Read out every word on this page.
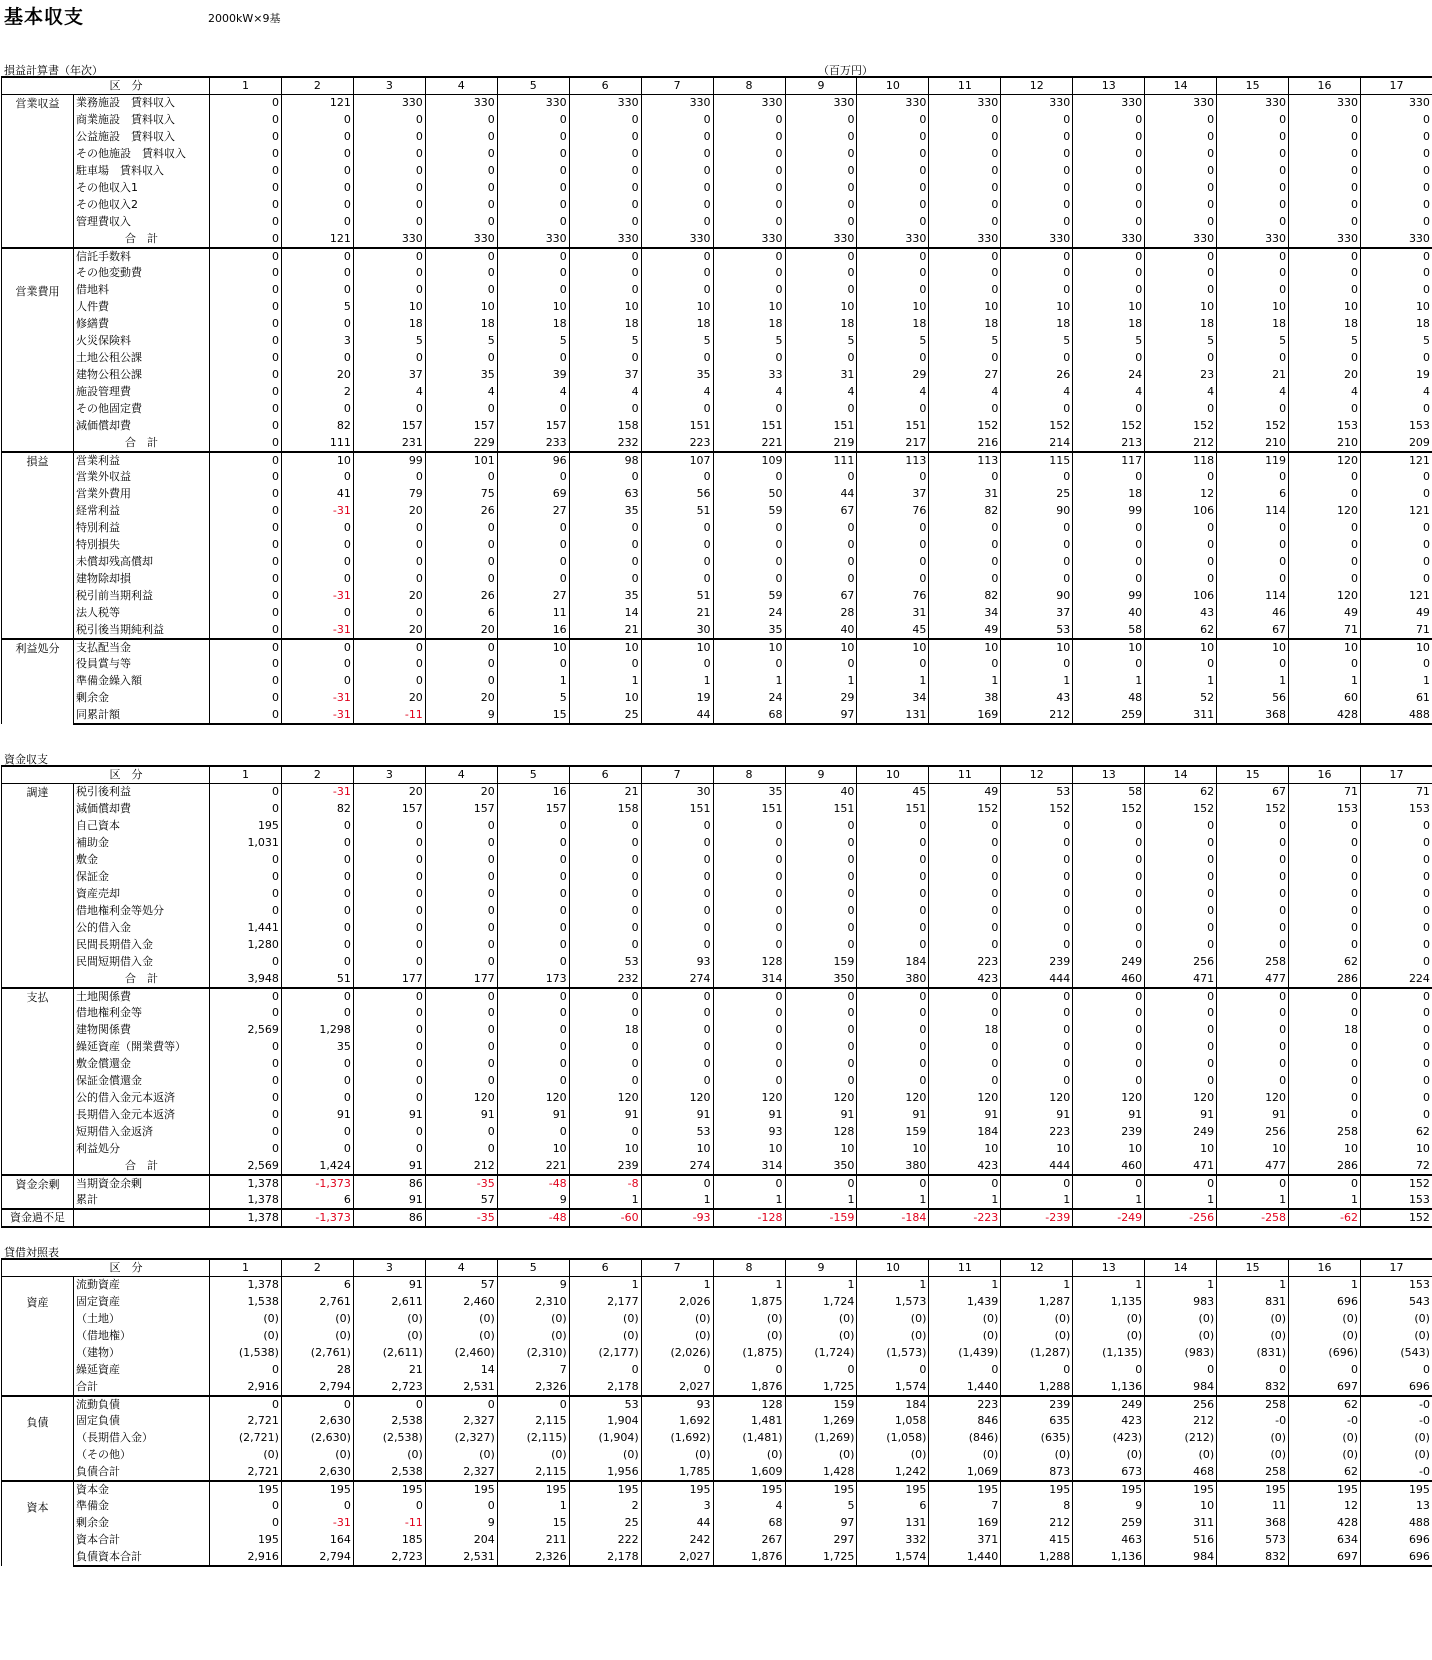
基本収支	2000kW×9基
損益計算書（年次）	（百万円）
	区　分	1	2	3	4	5	6	7	8	9	10	11	12	13	14	15	16	17
営業収益	業務施設　賃料収入	0	121	330	330	330	330	330	330	330	330	330	330	330	330	330	330	330
	商業施設　賃料収入	0	0	0	0	0	0	0	0	0	0	0	0	0	0	0	0	0
	公益施設　賃料収入	0	0	0	0	0	0	0	0	0	0	0	0	0	0	0	0	0
	その他施設　賃料収入	0	0	0	0	0	0	0	0	0	0	0	0	0	0	0	0	0
	駐車場　賃料収入	0	0	0	0	0	0	0	0	0	0	0	0	0	0	0	0	0
	その他収入1	0	0	0	0	0	0	0	0	0	0	0	0	0	0	0	0	0
	その他収入2	0	0	0	0	0	0	0	0	0	0	0	0	0	0	0	0	0
	管理費収入	0	0	0	0	0	0	0	0	0	0	0	0	0	0	0	0	0
	合　計	0	121	330	330	330	330	330	330	330	330	330	330	330	330	330	330	330
営業費用	信託手数料	0	0	0	0	0	0	0	0	0	0	0	0	0	0	0	0	0
	その他変動費	0	0	0	0	0	0	0	0	0	0	0	0	0	0	0	0	0
	借地料	0	0	0	0	0	0	0	0	0	0	0	0	0	0	0	0	0
	人件費	0	5	10	10	10	10	10	10	10	10	10	10	10	10	10	10	10
	修繕費	0	0	18	18	18	18	18	18	18	18	18	18	18	18	18	18	18
	火災保険料	0	3	5	5	5	5	5	5	5	5	5	5	5	5	5	5	5
	土地公租公課	0	0	0	0	0	0	0	0	0	0	0	0	0	0	0	0	0
	建物公租公課	0	20	37	35	39	37	35	33	31	29	27	26	24	23	21	20	19
	施設管理費	0	2	4	4	4	4	4	4	4	4	4	4	4	4	4	4	4
	その他固定費	0	0	0	0	0	0	0	0	0	0	0	0	0	0	0	0	0
	減価償却費	0	82	157	157	157	158	151	151	151	151	152	152	152	152	152	153	153
	合　計	0	111	231	229	233	232	223	221	219	217	216	214	213	212	210	210	209
損益	営業利益	0	10	99	101	96	98	107	109	111	113	113	115	117	118	119	120	121
	営業外収益	0	0	0	0	0	0	0	0	0	0	0	0	0	0	0	0	0
	営業外費用	0	41	79	75	69	63	56	50	44	37	31	25	18	12	6	0	0
	経常利益	0	-31	20	26	27	35	51	59	67	76	82	90	99	106	114	120	121
	特別利益	0	0	0	0	0	0	0	0	0	0	0	0	0	0	0	0	0
	特別損失	0	0	0	0	0	0	0	0	0	0	0	0	0	0	0	0	0
	未償却残高償却	0	0	0	0	0	0	0	0	0	0	0	0	0	0	0	0	0
	建物除却損	0	0	0	0	0	0	0	0	0	0	0	0	0	0	0	0	0
	税引前当期利益	0	-31	20	26	27	35	51	59	67	76	82	90	99	106	114	120	121
	法人税等	0	0	0	6	11	14	21	24	28	31	34	37	40	43	46	49	49
	税引後当期純利益	0	-31	20	20	16	21	30	35	40	45	49	53	58	62	67	71	71
利益処分	支払配当金	0	0	0	0	10	10	10	10	10	10	10	10	10	10	10	10	10
	役員賞与等	0	0	0	0	0	0	0	0	0	0	0	0	0	0	0	0	0
	準備金繰入額	0	0	0	0	1	1	1	1	1	1	1	1	1	1	1	1	1
	剰余金	0	-31	20	20	5	10	19	24	29	34	38	43	48	52	56	60	61
	同累計額	0	-31	-11	9	15	25	44	68	97	131	169	212	259	311	368	428	488
資金収支
	区　分	1	2	3	4	5	6	7	8	9	10	11	12	13	14	15	16	17
調達	税引後利益	0	-31	20	20	16	21	30	35	40	45	49	53	58	62	67	71	71
	減価償却費	0	82	157	157	157	158	151	151	151	151	152	152	152	152	152	153	153
	自己資本	195	0	0	0	0	0	0	0	0	0	0	0	0	0	0	0	0
	補助金	1,031	0	0	0	0	0	0	0	0	0	0	0	0	0	0	0	0
	敷金	0	0	0	0	0	0	0	0	0	0	0	0	0	0	0	0	0
	保証金	0	0	0	0	0	0	0	0	0	0	0	0	0	0	0	0	0
	資産売却	0	0	0	0	0	0	0	0	0	0	0	0	0	0	0	0	0
	借地権利金等処分	0	0	0	0	0	0	0	0	0	0	0	0	0	0	0	0	0
	公的借入金	1,441	0	0	0	0	0	0	0	0	0	0	0	0	0	0	0	0
	民間長期借入金	1,280	0	0	0	0	0	0	0	0	0	0	0	0	0	0	0	0
	民間短期借入金	0	0	0	0	0	53	93	128	159	184	223	239	249	256	258	62	0
	合　計	3,948	51	177	177	173	232	274	314	350	380	423	444	460	471	477	286	224
支払	土地関係費	0	0	0	0	0	0	0	0	0	0	0	0	0	0	0	0	0
	借地権利金等	0	0	0	0	0	0	0	0	0	0	0	0	0	0	0	0	0
	建物関係費	2,569	1,298	0	0	0	18	0	0	0	0	18	0	0	0	0	18	0
	繰延資産（開業費等）	0	35	0	0	0	0	0	0	0	0	0	0	0	0	0	0	0
	敷金償還金	0	0	0	0	0	0	0	0	0	0	0	0	0	0	0	0	0
	保証金償還金	0	0	0	0	0	0	0	0	0	0	0	0	0	0	0	0	0
	公的借入金元本返済	0	0	0	120	120	120	120	120	120	120	120	120	120	120	120	0	0
	長期借入金元本返済	0	91	91	91	91	91	91	91	91	91	91	91	91	91	91	0	0
	短期借入金返済	0	0	0	0	0	0	53	93	128	159	184	223	239	249	256	258	62
	利益処分	0	0	0	0	10	10	10	10	10	10	10	10	10	10	10	10	10
	合　計	2,569	1,424	91	212	221	239	274	314	350	380	423	444	460	471	477	286	72
資金余剰	当期資金余剰	1,378	-1,373	86	-35	-48	-8	0	0	0	0	0	0	0	0	0	0	152
	累計	1,378	6	91	57	9	1	1	1	1	1	1	1	1	1	1	1	153
資金過不足		1,378	-1,373	86	-35	-48	-60	-93	-128	-159	-184	-223	-239	-249	-256	-258	-62	152
貸借対照表
	区　分	1	2	3	4	5	6	7	8	9	10	11	12	13	14	15	16	17
資産	流動資産	1,378	6	91	57	9	1	1	1	1	1	1	1	1	1	1	1	153
	固定資産	1,538	2,761	2,611	2,460	2,310	2,177	2,026	1,875	1,724	1,573	1,439	1,287	1,135	983	831	696	543
	（土地）	(0)	(0)	(0)	(0)	(0)	(0)	(0)	(0)	(0)	(0)	(0)	(0)	(0)	(0)	(0)	(0)	(0)
	（借地権）	(0)	(0)	(0)	(0)	(0)	(0)	(0)	(0)	(0)	(0)	(0)	(0)	(0)	(0)	(0)	(0)	(0)
	（建物）	(1,538)	(2,761)	(2,611)	(2,460)	(2,310)	(2,177)	(2,026)	(1,875)	(1,724)	(1,573)	(1,439)	(1,287)	(1,135)	(983)	(831)	(696)	(543)
	繰延資産	0	28	21	14	7	0	0	0	0	0	0	0	0	0	0	0	0
	合計	2,916	2,794	2,723	2,531	2,326	2,178	2,027	1,876	1,725	1,574	1,440	1,288	1,136	984	832	697	696
負債	流動負債	0	0	0	0	0	53	93	128	159	184	223	239	249	256	258	62	-0
	固定負債	2,721	2,630	2,538	2,327	2,115	1,904	1,692	1,481	1,269	1,058	846	635	423	212	-0	-0	-0
	（長期借入金）	(2,721)	(2,630)	(2,538)	(2,327)	(2,115)	(1,904)	(1,692)	(1,481)	(1,269)	(1,058)	(846)	(635)	(423)	(212)	(0)	(0)	(0)
	（その他）	(0)	(0)	(0)	(0)	(0)	(0)	(0)	(0)	(0)	(0)	(0)	(0)	(0)	(0)	(0)	(0)	(0)
	負債合計	2,721	2,630	2,538	2,327	2,115	1,956	1,785	1,609	1,428	1,242	1,069	873	673	468	258	62	-0
資本	資本金	195	195	195	195	195	195	195	195	195	195	195	195	195	195	195	195	195
	準備金	0	0	0	0	1	2	3	4	5	6	7	8	9	10	11	12	13
	剰余金	0	-31	-11	9	15	25	44	68	97	131	169	212	259	311	368	428	488
	資本合計	195	164	185	204	211	222	242	267	297	332	371	415	463	516	573	634	696
	負債資本合計	2,916	2,794	2,723	2,531	2,326	2,178	2,027	1,876	1,725	1,574	1,440	1,288	1,136	984	832	697	696
